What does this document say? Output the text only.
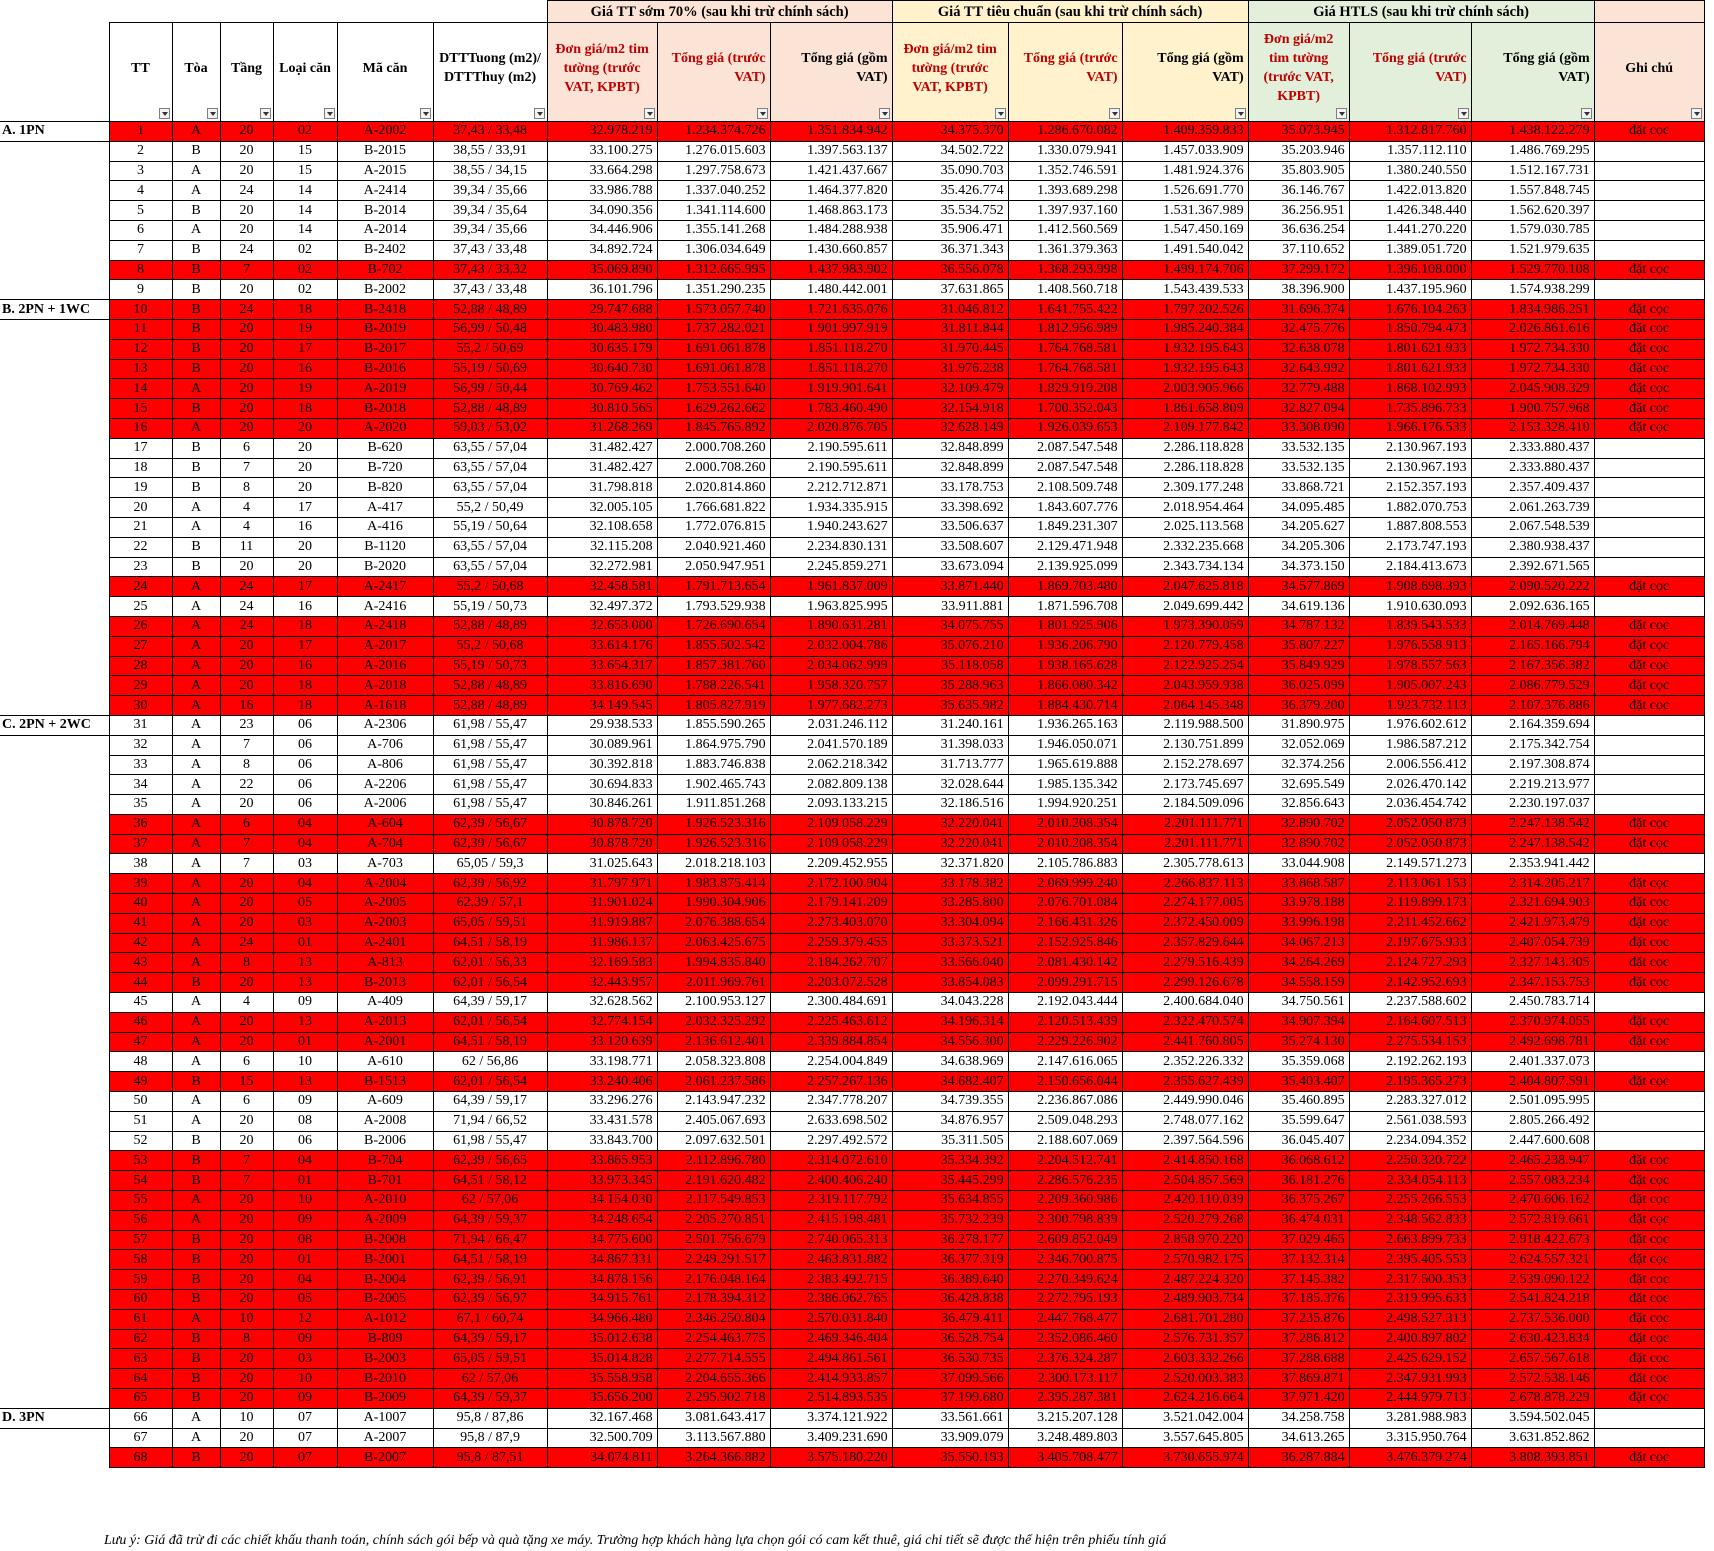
							Giá TT sớm 70% (sau khi trừ chính sách)			Giá TT tiêu chuẩn (sau khi trừ chính sách)			Giá HTLS (sau khi trừ chính sách)			
	TT	Tòa	Tầng	Loại căn	Mã căn	DTTTuong (m2)/ DTTThuy (m2)	Đơn giá/m2 tim tường (trước VAT, KPBT)	Tổng giá (trước VAT)	Tổng giá (gồm VAT)	Đơn giá/m2 tim tường (trước VAT, KPBT)	Tổng giá (trước VAT)	Tổng giá (gồm VAT)	Đơn giá/m2 tim tường (trước VAT, KPBT)	Tổng giá (trước VAT)	Tổng giá (gồm VAT)	Ghi chú

A. 1PN	1	A	20	02	A-2002	37,43 / 33,48	32.978.219	1.234.374.726	1.351.834.942	34.375.370	1.286.670.082	1.409.359.833	35.073.945	1.312.817.760	1.438.122.279	đặt cọc
	2	B	20	15	B-2015	38,55 / 33,91	33.100.275	1.276.015.603	1.397.563.137	34.502.722	1.330.079.941	1.457.033.909	35.203.946	1.357.112.110	1.486.769.295	
	3	A	20	15	A-2015	38,55 / 34,15	33.664.298	1.297.758.673	1.421.437.667	35.090.703	1.352.746.591	1.481.924.376	35.803.905	1.380.240.550	1.512.167.731	
	4	A	24	14	A-2414	39,34 / 35,66	33.986.788	1.337.040.252	1.464.377.820	35.426.774	1.393.689.298	1.526.691.770	36.146.767	1.422.013.820	1.557.848.745	
	5	B	20	14	B-2014	39,34 / 35,64	34.090.356	1.341.114.600	1.468.863.173	35.534.752	1.397.937.160	1.531.367.989	36.256.951	1.426.348.440	1.562.620.397	
	6	A	20	14	A-2014	39,34 / 35,66	34.446.906	1.355.141.268	1.484.288.938	35.906.471	1.412.560.569	1.547.450.169	36.636.254	1.441.270.220	1.579.030.785	
	7	B	24	02	B-2402	37,43 / 33,48	34.892.724	1.306.034.649	1.430.660.857	36.371.343	1.361.379.363	1.491.540.042	37.110.652	1.389.051.720	1.521.979.635	
	8	B	7	02	B-702	37,43 / 33,32	35.069.890	1.312.665.995	1.437.983.902	36.556.078	1.368.293.998	1.499.174.706	37.299.172	1.396.108.000	1.529.770.108	đặt cọc
	9	B	20	02	B-2002	37,43 / 33,48	36.101.796	1.351.290.235	1.480.442.001	37.631.865	1.408.560.718	1.543.439.533	38.396.900	1.437.195.960	1.574.938.299	
B. 2PN + 1WC	10	B	24	18	B-2418	52,88 / 48,89	29.747.688	1.573.057.740	1.721.635.076	31.046.812	1.641.755.422	1.797.202.526	31.696.374	1.676.104.263	1.834.986.251	đặt cọc
	11	B	20	19	B-2019	56,99 / 50,48	30.483.980	1.737.282.021	1.901.997.919	31.811.844	1.812.956.989	1.985.240.384	32.475.776	1.850.794.473	2.026.861.616	đặt cọc
	12	B	20	17	B-2017	55,2 / 50,69	30.635.179	1.691.061.878	1.851.118.270	31.970.445	1.764.768.581	1.932.195.643	32.638.078	1.801.621.933	1.972.734.330	đặt cọc
	13	B	20	16	B-2016	55,19 / 50,69	30.640.730	1.691.061.878	1.851.118.270	31.976.238	1.764.768.581	1.932.195.643	32.643.992	1.801.621.933	1.972.734.330	đặt cọc
	14	A	20	19	A-2019	56,99 / 50,44	30.769.462	1.753.551.640	1.919.901.641	32.109.479	1.829.919.208	2.003.905.966	32.779.488	1.868.102.993	2.045.908.329	đặt cọc
	15	B	20	18	B-2018	52,88 / 48,89	30.810.565	1.629.262.662	1.783.460.490	32.154.918	1.700.352.043	1.861.658.809	32.827.094	1.735.896.733	1.900.757.968	đặt cọc
	16	A	20	20	A-2020	59,03 / 53,02	31.268.269	1.845.765.892	2.020.876.705	32.628.149	1.926.039.653	2.109.177.842	33.308.090	1.966.176.533	2.153.328.410	đặt cọc
	17	B	6	20	B-620	63,55 / 57,04	31.482.427	2.000.708.260	2.190.595.611	32.848.899	2.087.547.548	2.286.118.828	33.532.135	2.130.967.193	2.333.880.437	
	18	B	7	20	B-720	63,55 / 57,04	31.482.427	2.000.708.260	2.190.595.611	32.848.899	2.087.547.548	2.286.118.828	33.532.135	2.130.967.193	2.333.880.437	
	19	B	8	20	B-820	63,55 / 57,04	31.798.818	2.020.814.860	2.212.712.871	33.178.753	2.108.509.748	2.309.177.248	33.868.721	2.152.357.193	2.357.409.437	
	20	A	4	17	A-417	55,2 / 50,49	32.005.105	1.766.681.822	1.934.335.915	33.398.692	1.843.607.776	2.018.954.464	34.095.485	1.882.070.753	2.061.263.739	
	21	A	4	16	A-416	55,19 / 50,64	32.108.658	1.772.076.815	1.940.243.627	33.506.637	1.849.231.307	2.025.113.568	34.205.627	1.887.808.553	2.067.548.539	
	22	B	11	20	B-1120	63,55 / 57,04	32.115.208	2.040.921.460	2.234.830.131	33.508.607	2.129.471.948	2.332.235.668	34.205.306	2.173.747.193	2.380.938.437	
	23	B	20	20	B-2020	63,55 / 57,04	32.272.981	2.050.947.951	2.245.859.271	33.673.094	2.139.925.099	2.343.734.134	34.373.150	2.184.413.673	2.392.671.565	
	24	A	24	17	A-2417	55,2 / 50,68	32.458.581	1.791.713.654	1.961.837.009	33.871.440	1.869.703.480	2.047.625.818	34.577.869	1.908.698.393	2.090.520.222	đặt cọc
	25	A	24	16	A-2416	55,19 / 50,73	32.497.372	1.793.529.938	1.963.825.995	33.911.881	1.871.596.708	2.049.699.442	34.619.136	1.910.630.093	2.092.636.165	
	26	A	24	18	A-2418	52,88 / 48,89	32.653.000	1.726.690.654	1.890.631.281	34.075.755	1.801.925.906	1.973.390.059	34.787.132	1.839.543.533	2.014.769.448	đặt cọc
	27	A	20	17	A-2017	55,2 / 50,68	33.614.176	1.855.502.542	2.032.004.786	35.076.210	1.936.206.790	2.120.779.458	35.807.227	1.976.558.913	2.165.166.794	đặt cọc
	28	A	20	16	A-2016	55,19 / 50,73	33.654.317	1.857.381.760	2.034.062.999	35.118.058	1.938.165.628	2.122.925.254	35.849.929	1.978.557.563	2.167.356.382	đặt cọc
	29	A	20	18	A-2018	52,88 / 48,89	33.816.690	1.788.226.541	1.958.320.757	35.288.963	1.866.080.342	2.043.959.938	36.025.099	1.905.007.243	2.086.779.529	đặt cọc
	30	A	16	18	A-1618	52,88 / 48,89	34.149.545	1.805.827.919	1.977.682.273	35.635.982	1.884.430.714	2.064.145.348	36.379.200	1.923.732.113	2.107.376.886	đặt cọc
C. 2PN + 2WC	31	A	23	06	A-2306	61,98 / 55,47	29.938.533	1.855.590.265	2.031.246.112	31.240.161	1.936.265.163	2.119.988.500	31.890.975	1.976.602.612	2.164.359.694	
	32	A	7	06	A-706	61,98 / 55,47	30.089.961	1.864.975.790	2.041.570.189	31.398.033	1.946.050.071	2.130.751.899	32.052.069	1.986.587.212	2.175.342.754	
	33	A	8	06	A-806	61,98 / 55,47	30.392.818	1.883.746.838	2.062.218.342	31.713.777	1.965.619.888	2.152.278.697	32.374.256	2.006.556.412	2.197.308.874	
	34	A	22	06	A-2206	61,98 / 55,47	30.694.833	1.902.465.743	2.082.809.138	32.028.644	1.985.135.342	2.173.745.697	32.695.549	2.026.470.142	2.219.213.977	
	35	A	20	06	A-2006	61,98 / 55,47	30.846.261	1.911.851.268	2.093.133.215	32.186.516	1.994.920.251	2.184.509.096	32.856.643	2.036.454.742	2.230.197.037	
	36	A	6	04	A-604	62,39 / 56,67	30.878.720	1.926.523.316	2.109.058.229	32.220.041	2.010.208.354	2.201.111.771	32.890.702	2.052.050.873	2.247.138.542	đặt cọc
	37	A	7	04	A-704	62,39 / 56,67	30.878.720	1.926.523.316	2.109.058.229	32.220.041	2.010.208.354	2.201.111.771	32.890.702	2.052.050.873	2.247.138.542	đặt cọc
	38	A	7	03	A-703	65,05 / 59,3	31.025.643	2.018.218.103	2.209.452.955	32.371.820	2.105.786.883	2.305.778.613	33.044.908	2.149.571.273	2.353.941.442	
	39	A	20	04	A-2004	62,39 / 56,92	31.797.971	1.983.875.414	2.172.100.904	33.178.382	2.069.999.240	2.266.837.113	33.868.587	2.113.061.153	2.314.205.217	đặt cọc
	40	A	20	05	A-2005	62,39 / 57,1	31.901.024	1.990.304.906	2.179.141.209	33.285.800	2.076.701.084	2.274.177.005	33.978.188	2.119.899.173	2.321.694.903	đặt cọc
	41	A	20	03	A-2003	65,05 / 59,51	31.919.887	2.076.388.654	2.273.403.070	33.304.094	2.166.431.326	2.372.450.009	33.996.198	2.211.452.662	2.421.973.479	đặt cọc
	42	A	24	01	A-2401	64,51 / 58,19	31.986.137	2.063.425.675	2.259.379.455	33.373.521	2.152.925.846	2.357.829.644	34.067.213	2.197.675.933	2.407.054.739	đặt cọc
	43	A	8	13	A-813	62,01 / 56,33	32.169.583	1.994.835.840	2.184.262.707	33.566.040	2.081.430.142	2.279.516.439	34.264.269	2.124.727.293	2.327.143.305	đặt cọc
	44	B	20	13	B-2013	62,01 / 56,54	32.443.957	2.011.969.761	2.203.072.528	33.854.083	2.099.291.715	2.299.126.678	34.558.159	2.142.952.693	2.347.153.753	đặt cọc
	45	A	4	09	A-409	64,39 / 59,17	32.628.562	2.100.953.127	2.300.484.691	34.043.228	2.192.043.444	2.400.684.040	34.750.561	2.237.588.602	2.450.783.714	
	46	A	20	13	A-2013	62,01 / 56,54	32.774.154	2.032.325.292	2.225.463.612	34.196.314	2.120.513.439	2.322.470.574	34.907.394	2.164.607.513	2.370.974.055	đặt cọc
	47	A	20	01	A-2001	64,51 / 58,19	33.120.639	2.136.612.401	2.339.884.854	34.556.300	2.229.226.902	2.441.760.805	35.274.130	2.275.534.153	2.492.698.781	đặt cọc
	48	A	6	10	A-610	62 / 56,86	33.198.771	2.058.323.808	2.254.004.849	34.638.969	2.147.616.065	2.352.226.332	35.359.068	2.192.262.193	2.401.337.073	
	49	B	15	13	B-1513	62,01 / 56,54	33.240.406	2.061.237.586	2.257.267.136	34.682.407	2.150.656.044	2.355.627.439	35.403.407	2.195.365.273	2.404.807.591	đặt cọc
	50	A	6	09	A-609	64,39 / 59,17	33.296.276	2.143.947.232	2.347.778.207	34.739.355	2.236.867.086	2.449.990.046	35.460.895	2.283.327.012	2.501.095.995	
	51	A	20	08	A-2008	71,94 / 66,52	33.431.578	2.405.067.693	2.633.698.502	34.876.957	2.509.048.293	2.748.077.162	35.599.647	2.561.038.593	2.805.266.492	
	52	B	20	06	B-2006	61,98 / 55,47	33.843.700	2.097.632.501	2.297.492.572	35.311.505	2.188.607.069	2.397.564.596	36.045.407	2.234.094.352	2.447.600.608	
	53	B	7	04	B-704	62,39 / 56,65	33.865.953	2.112.896.780	2.314.072.610	35.334.392	2.204.512.741	2.414.850.168	36.068.612	2.250.320.722	2.465.238.947	đặt cọc
	54	B	7	01	B-701	64,51 / 58,12	33.973.345	2.191.620.482	2.400.406.240	35.445.299	2.286.576.235	2.504.857.569	36.181.276	2.334.054.113	2.557.083.234	đặt cọc
	55	A	20	10	A-2010	62 / 57,06	34.154.030	2.117.549.853	2.319.117.792	35.634.855	2.209.360.986	2.420.110.039	36.375.267	2.255.266.553	2.470.606.162	đặt cọc
	56	A	20	09	A-2009	64,39 / 59,37	34.248.654	2.205.270.851	2.415.198.481	35.732.239	2.300.798.839	2.520.279.268	36.474.031	2.348.562.833	2.572.819.661	đặt cọc
	57	B	20	08	B-2008	71,94 / 66,47	34.775.600	2.501.756.679	2.740.065.313	36.278.177	2.609.852.049	2.858.970.220	37.029.465	2.663.899.733	2.918.422.673	đặt cọc
	58	B	20	01	B-2001	64,51 / 58,19	34.867.331	2.249.291.517	2.463.831.882	36.377.319	2.346.700.875	2.570.982.175	37.132.314	2.395.405.553	2.624.557.321	đặt cọc
	59	B	20	04	B-2004	62,39 / 56,91	34.878.156	2.176.048.164	2.383.492.715	36.389.640	2.270.349.624	2.487.224.320	37.145.382	2.317.500.353	2.539.090.122	đặt cọc
	60	B	20	05	B-2005	62,39 / 56,97	34.915.761	2.178.394.312	2.386.062.765	36.428.838	2.272.795.193	2.489.903.734	37.185.376	2.319.995.633	2.541.824.218	đặt cọc
	61	A	10	12	A-1012	67,1 / 60,74	34.966.480	2.346.250.804	2.570.031.840	36.479.411	2.447.768.477	2.681.701.280	37.235.876	2.498.527.313	2.737.536.000	đặt cọc
	62	B	8	09	B-809	64,39 / 59,17	35.012.638	2.254.463.775	2.469.346.404	36.528.754	2.352.086.460	2.576.731.357	37.286.812	2.400.897.802	2.630.423.834	đặt cọc
	63	B	20	03	B-2003	65,05 / 59,51	35.014.828	2.277.714.555	2.494.861.561	36.530.735	2.376.324.287	2.603.332.266	37.288.688	2.425.629.152	2.657.567.618	đặt cọc
	64	B	20	10	B-2010	62 / 57,06	35.558.958	2.204.655.366	2.414.933.857	37.099.566	2.300.173.117	2.520.003.383	37.869.871	2.347.931.993	2.572.538.146	đặt cọc
	65	B	20	09	B-2009	64,39 / 59,37	35.656.200	2.295.902.718	2.514.893.535	37.199.680	2.395.287.381	2.624.216.664	37.971.420	2.444.979.713	2.678.878.229	đặt cọc
D. 3PN	66	A	10	07	A-1007	95,8 / 87,86	32.167.468	3.081.643.417	3.374.121.922	33.561.661	3.215.207.128	3.521.042.004	34.258.758	3.281.988.983	3.594.502.045	
	67	A	20	07	A-2007	95,8 / 87,9	32.500.709	3.113.567.880	3.409.231.690	33.909.079	3.248.489.803	3.557.645.805	34.613.265	3.315.950.764	3.631.852.862	
	68	B	20	07	B-2007	95,8 / 87,51	34.074.811	3.264.366.882	3.575.180.220	35.550.193	3.405.708.477	3.730.655.974	36.287.884	3.476.379.274	3.808.393.851	đặt cọc
Lưu ý: Giá đã trừ đi các chiết khấu thanh toán, chính sách gói bếp và quà tặng xe máy. Trường hợp khách hàng lựa chọn gói có cam kết thuê, giá chi tiết sẽ được thể hiện trên phiếu tính giá
